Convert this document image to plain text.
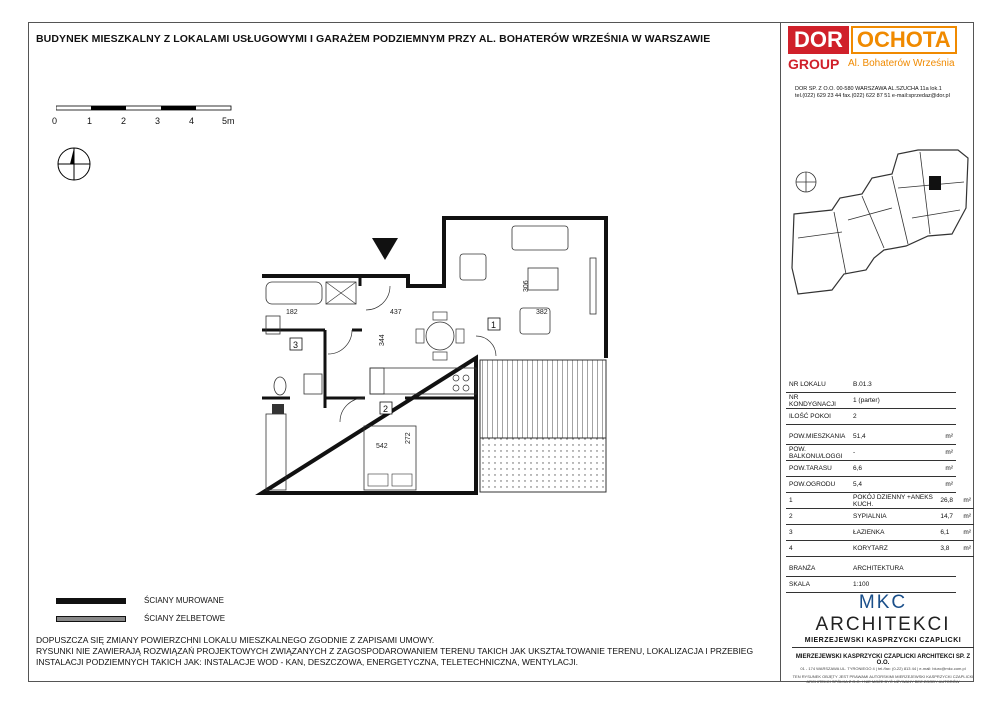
BUDYNEK MIESZKALNY Z LOKALAMI USŁUGOWYMI I GARAŻEM PODZIEMNYM PRZY AL. BOHATERÓW WRZEŚNIA W WARSZAWIE	DOR OCHOTA
GROUP Al. Bohaterów Września
DOR SP. Z O.O. 00-580 WARSZAWA AL.SZUCHA 11a lok.1
tel.(022) 629 23 44 fax.(022) 622 87 51 e-mail:sprzedaz@dor.pl
0	1	2	3	4	5m
182	437
306
382
344
542
272
1
2
3
NR LOKALU	B.01.3		
NR KONDYGNACJI	1 (parter)		
ILOŚĆ POKOI	2		

POW.MIESZKANIA	51,4	m²	
POW. BALKONU/LOGGI	-	m²	
POW.TARASU	6,6	m²	
POW.OGRODU	5,4	m²	
1	POKÓJ DZIENNY +ANEKS KUCH.	26,8	m²
2	SYPIALNIA	14,7	m²
3	ŁAZIENKA	6,1	m²
4	KORYTARZ	3,8	m²

BRANŻA	ARCHITEKTURA		
SKALA	1:100		
ŚCIANY MUROWANE
ŚCIANY ŻELBETOWE
DOPUSZCZA SIĘ ZMIANY POWIERZCHNI LOKALU MIESZKALNEGO ZGODNIE Z ZAPISAMI UMOWY.
RYSUNKI NIE ZAWIERAJĄ ROZWIĄZAŃ PROJEKTOWYCH ZWIĄZANYCH Z ZAGOSPODAROWANIEM TERENU TAKICH JAK UKSZTAŁTOWANIE TERENU, LOKALIZACJA I PRZEBIEG
INSTALACJI PODZIEMNYCH TAKICH JAK: INSTALACJE WOD - KAN, DESZCZOWA, ENERGETYCZNA, TELETECHNICZNA, WENTYLACJI.
MKC ARCHITEKCI
MIERZEJEWSKI KASPRZYCKI CZAPLICKI
MIERZEJEWSKI KASPRZYCKI CZAPLICKI ARCHITEKCI SP. Z O.O.
01 - 174 WARSZAWA UL. TYRONIEGO 4 | tel./fax: (0-22) 813 44 | e-mail: biuro@mkc.com.pl
TEN RYSUNEK OBJĘTY JEST PRAWAMI AUTORSKIMI MIERZEJEWSKI KASPRZYCKI CZAPLICKI
ARCHITEKCI SPÓŁKA Z O.O. I NIE MOŻE BYĆ UŻYWANY BEZ ZGODY AUTORÓW
